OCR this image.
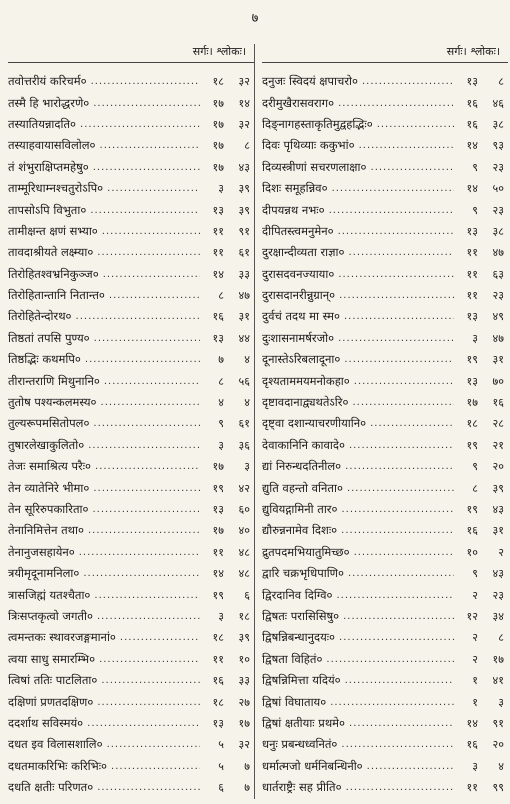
७
सर्गः। श्लोकः।
तवोत्तरीयं करिचर्म० .....	१८	३२
तस्मै हि भारोद्धरणे० .....	१७	१४
तस्यातियन्नादति० .....	१७	३२
तस्याहवायासविलोल० .....	१७	८
तं शंभुराक्षिप्तमहेषु० .....	१७	४३
ताम्मूरिधाम्नश्चतुरोऽपि० .....	३	३९
तापसोऽपि विभुता० .....	१३	३९
तामीक्षन्त क्षणं सभ्या० .....	११	९१
तावदाश्रीयते लक्ष्म्या० .....	११	६१
तिरोहितश्वभ्रनिकुञ्ज० .....	१४	३३
तिरोहितान्तानि नितान्त० .....	८	४७
तिरोहितेन्दोरथ० .....	१६	३१
तिष्ठतां तपसि पुण्य० .....	१३	४४
तिष्ठद्भिः कथमपि० .....	७	४
तीरान्तराणि मिथुनानि० .....	८	५६
तुतोष पश्यन्कलमस्य० .....	४	४
तुल्यरूपमसितोपल० .....	९	६१
तुषारलेखाकुलितो० .....	३	३६
तेजः समाश्रित्य परैः० .....	१७	३
तेन व्यातेनिरे भीमा० .....	१९	४२
तेन सूरिरुपकारिता० .....	१३	६०
तेनानिमित्तेन तथा० .....	१७	४०
तेनानुजसहायेन० .....	११	४८
त्रयीमृदूनामनिला० .....	१४	४८
त्रासजिह्मं यतश्चैता० .....	१९	६
त्रिःसप्तकृत्वो जगती० .....	३	१८
त्वमन्तकः स्थावरजङ्गमानां० .....	१८	३९
त्वया साधु समारम्भि० .....	११	१०
त्विषां ततिः पाटलिता० .....	१६	३३
दक्षिणां प्रणतदक्षिण० .....	१८	२७
ददर्शाथ सविस्मयं० .....	१३	१७
दधत इव विलासशालि० .....	५	३२
दधतमाकरिभिः करिभिः० .....	५	७
दधति क्षतीः परिणत० .....	६	७
सर्गः। श्लोकः।
दनुजः स्विदयं क्षपाचरो० .....	१३	८
दरीमुखैरासवराग० .....	१६	४६
दिङ्नागहस्ताकृतिमुद्वहद्भिः० .....	१६	३८
दिवः पृथिव्याः ककुभां० .....	१४	९३
दिव्यस्त्रीणां सचरणलाक्षा० .....	९	२३
दिशः समूहन्निव० .....	१४	५०
दीपयन्नथ नभः० .....	९	२३
दीपितस्त्वमनुमेन० .....	१३	३८
दुरक्षान्दीव्यता राज्ञा० .....	११	४७
दुरासदवनज्याया० .....	११	६३
दुरासदानरीन्नुग्रान्० .....	११	२३
दुर्वचं तदथ मा स्म० .....	१३	४९
दुःशासनामर्षरजो० .....	३	४७
दूनास्तेऽरिबलादूना० .....	१९	३१
दृश्यताममयमनोकहा० .....	१३	७०
दृष्टावदानाद्व्यथतेऽरि० .....	१७	१६
दृष्ट्वा दशान्याचरणीयानि० .....	१८	२८
देवाकानिनि कावादे० .....	१९	२१
द्यां निरुन्धदतिनील० .....	९	२०
द्युति वहन्तो वनिता० .....	८	३९
द्युवियद्गामिनी तार० .....	१९	४३
द्यौरुन्ननामेव दिशः० .....	१६	३१
द्रुतपदमभियातुमिच्छ० .....	१०	२
द्वारि चक्रभृधिपाणि० .....	९	४३
द्विरदानिव दिग्वि० .....	२	२३
द्विषतः परासिसिषु० .....	१२	३४
द्विषन्निबन्धानुदयः० .....	२	८
द्विषता विहितं० .....	२	१७
द्विषन्निमित्ता यदियं० .....	१	४१
द्विषां विघाताय० .....	१	३
द्विषां क्षतीयाः प्रथमे० .....	१४	९१
धनुः प्रबन्धध्वनितं० .....	१६	२०
धर्मात्मजो धर्मनिबन्धिनी० .....	३	४
धार्तराष्ट्रैः सह प्रीति० .....	११	९९
